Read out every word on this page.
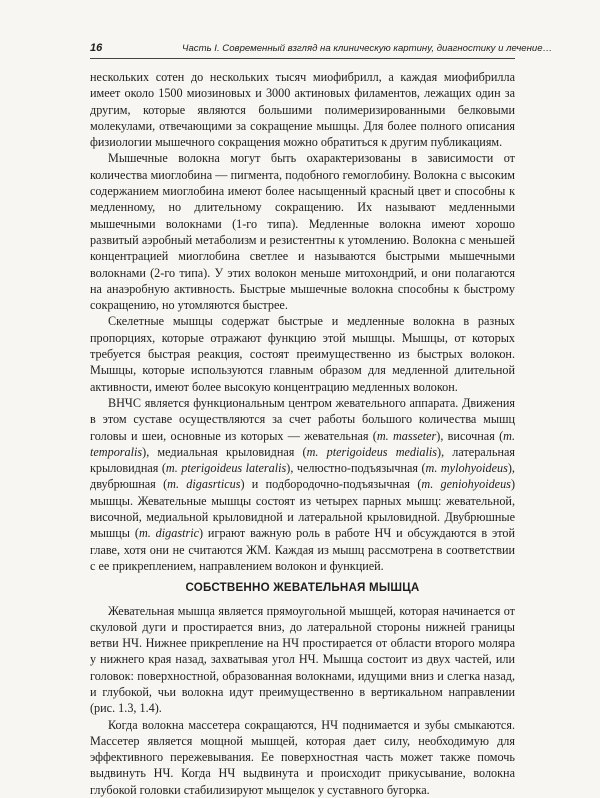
16	Часть I. Современный взгляд на клиническую картину, диагностику и лечение…

нескольких сотен до нескольких тысяч миофибрилл, а каждая миофибрилла имеет около 1500 миозиновых и 3000 актиновых филаментов, лежащих один за другим, которые являются большими полимеризированными белковыми молекулами, отвечающими за сокращение мышцы. Для более полного описания физиологии мышечного сокращения можно обратиться к другим публикациям.

Мышечные волокна могут быть охарактеризованы в зависимости от количества миоглобина — пигмента, подобного гемоглобину. Волокна с высоким содержанием миоглобина имеют более насыщенный красный цвет и способны к медленному, но длительному сокращению. Их называют медленными мышечными волокнами (1-го типа). Медленные волокна имеют хорошо развитый аэробный метаболизм и резистентны к утомлению. Волокна с меньшей концентрацией миоглобина светлее и называются быстрыми мышечными волокнами (2-го типа). У этих волокон меньше митохондрий, и они полагаются на анаэробную активность. Быстрые мышечные волокна способны к быстрому сокращению, но утомляются быстрее.

Скелетные мышцы содержат быстрые и медленные волокна в разных пропорциях, которые отражают функцию этой мышцы. Мышцы, от которых требуется быстрая реакция, состоят преимущественно из быстрых волокон. Мышцы, которые используются главным образом для медленной длительной активности, имеют более высокую концентрацию медленных волокон.

ВНЧС является функциональным центром жевательного аппарата. Движения в этом суставе осуществляются за счет работы большого количества мышц головы и шеи, основные из которых — жевательная (m. masseter), височная (m. temporalis), медиальная крыловидная (m. pterigoideus medialis), латеральная крыловидная (m. pterigoideus lateralis), челюстно-подъязычная (m. mylohyoideus), двубрюшная (m. digasrticus) и подбородочно-подъязычная (m. geniohyoideus) мышцы. Жевательные мышцы состоят из четырех парных мышц: жевательной, височной, медиальной крыловидной и латеральной крыловидной. Двубрюшные мышцы (m. digastric) играют важную роль в работе НЧ и обсуждаются в этой главе, хотя они не считаются ЖМ. Каждая из мышц рассмотрена в соответствии с ее прикреплением, направлением волокон и функцией.

СОБСТВЕННО ЖЕВАТЕЛЬНАЯ МЫШЦА

Жевательная мышца является прямоугольной мышцей, которая начинается от скуловой дуги и простирается вниз, до латеральной стороны нижней границы ветви НЧ. Нижнее прикрепление на НЧ простирается от области второго моляра у нижнего края назад, захватывая угол НЧ. Мышца состоит из двух частей, или головок: поверхностной, образованная волокнами, идущими вниз и слегка назад, и глубокой, чьи волокна идут преимущественно в вертикальном направлении (рис. 1.3, 1.4).

Когда волокна массетера сокращаются, НЧ поднимается и зубы смыкаются. Массетер является мощной мышцей, которая дает силу, необходимую для эффективного пережевывания. Ее поверхностная часть может также помочь выдвинуть НЧ. Когда НЧ выдвинута и происходит прикусывание, волокна глубокой головки стабилизируют мыщелок у суставного бугорка.
